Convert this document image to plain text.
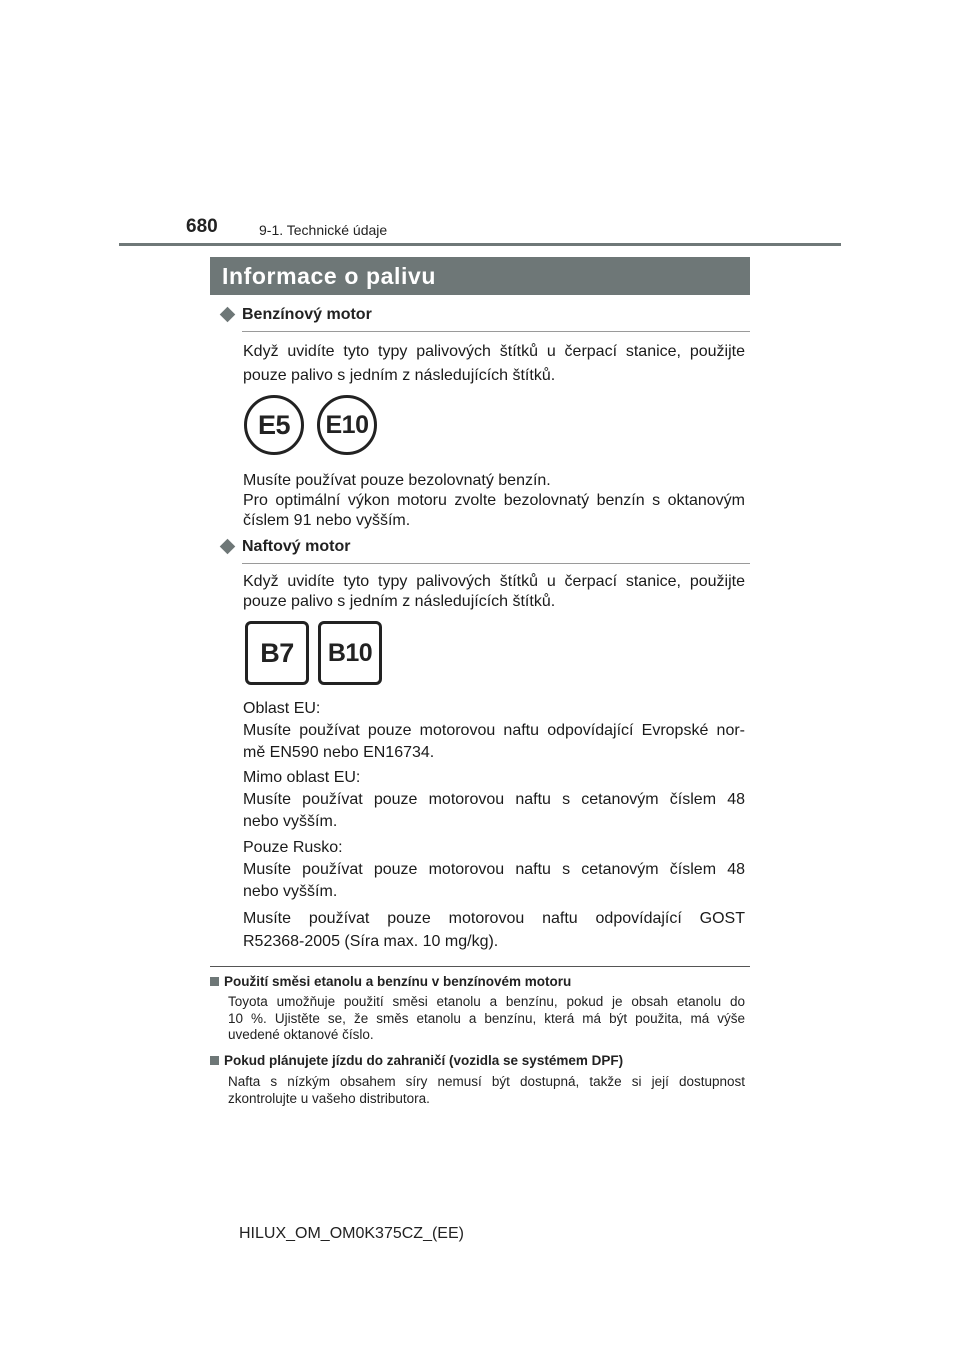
680	9-1. Technické údaje
Informace o palivu
Benzínový motor
Když uvidíte tyto typy palivových štítků u čerpací stanice, použijte
pouze palivo s jedním z následujících štítků.
E5	E10
Musíte používat pouze bezolovnatý benzín.
Pro optimální výkon motoru zvolte bezolovnatý benzín s oktanovým
číslem 91 nebo vyšším.
Naftový motor
Když uvidíte tyto typy palivových štítků u čerpací stanice, použijte
pouze palivo s jedním z následujících štítků.
B7	B10
Oblast EU:
Musíte používat pouze motorovou naftu odpovídající Evropské nor-
mě EN590 nebo EN16734.
Mimo oblast EU:
Musíte používat pouze motorovou naftu s cetanovým číslem 48
nebo vyšším.
Pouze Rusko:
Musíte používat pouze motorovou naftu s cetanovým číslem 48
nebo vyšším.
Musíte používat pouze motorovou naftu odpovídající GOST
R52368-2005 (Síra max. 10 mg/kg).
Použití směsi etanolu a benzínu v benzínovém motoru
Toyota umožňuje použití směsi etanolu a benzínu, pokud je obsah etanolu do
10 %. Ujistěte se, že směs etanolu a benzínu, která má být použita, má výše
uvedené oktanové číslo.
Pokud plánujete jízdu do zahraničí (vozidla se systémem DPF)
Nafta s nízkým obsahem síry nemusí být dostupná, takže si její dostupnost
zkontrolujte u vašeho distributora.
HILUX_OM_OM0K375CZ_(EE)
